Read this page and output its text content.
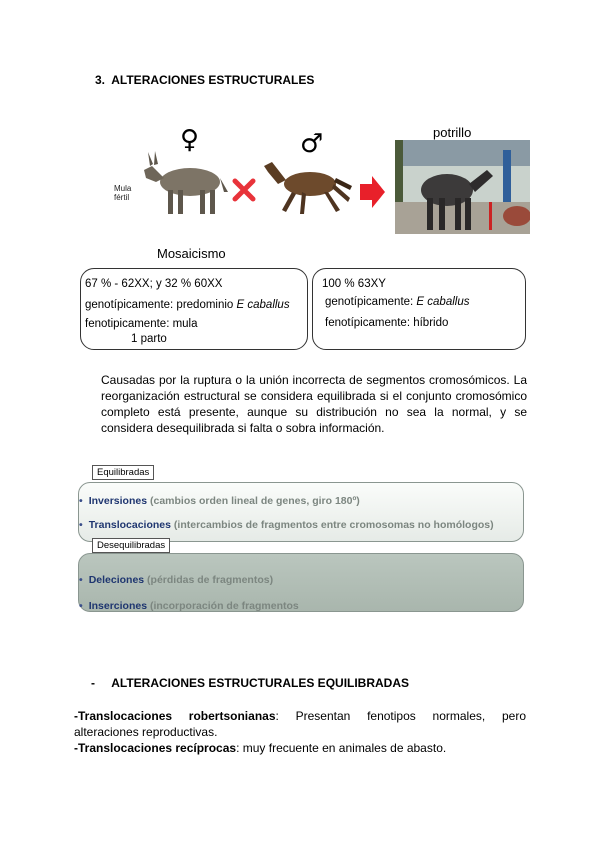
3. ALTERACIONES ESTRUCTURALES
♀	♂
Mula fértil
potrillo
Mosaicismo
67 % - 62XX; y 32 % 60XX
genotípicamente: predominio E caballus
fenotipicamente: mula
1 parto
100 % 63XY
genotípicamente: E caballus
fenotípicamente: híbrido
Causadas por la ruptura o la unión incorrecta de segmentos cromosómicos. La reorganización estructural se considera equilibrada si el conjunto cromosómico completo está presente, aunque su distribución no sea la normal, y se considera desequilibrada si falta o sobra información.
Equilibradas
• Inversiones (cambios orden lineal de genes, giro 180º)
• Translocaciones (intercambios de fragmentos entre cromosomas no homólogos)
Desequilibradas
• Deleciones (pérdidas de fragmentos)
• Inserciones (incorporación de fragmentos
- ALTERACIONES ESTRUCTURALES EQUILIBRADAS
-Translocaciones robertsonianas: Presentan fenotipos normales, pero alteraciones reproductivas.
-Translocaciones recíprocas: muy frecuente en animales de abasto.
